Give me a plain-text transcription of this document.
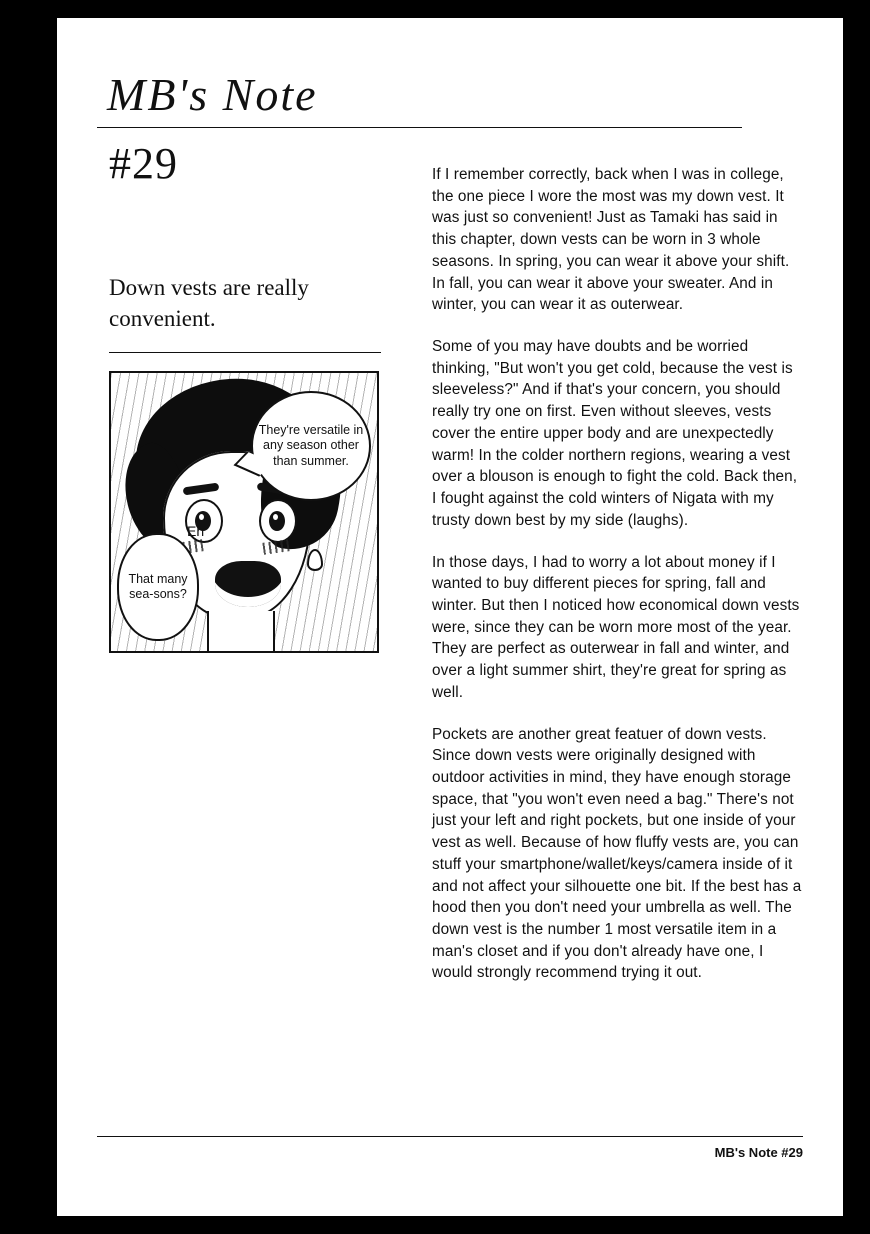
MB's Note
#29
Down vests are really convenient.
They're versatile in any season other than summer.
Eh
That many sea-sons?

If I remember correctly, back when I was in college, the one piece I wore the most was my down vest. It was just so convenient! Just as Tamaki has said in this chapter, down vests can be worn in 3 whole seasons. In spring, you can wear it above your shift. In fall, you can wear it above your sweater. And in winter, you can wear it as outerwear.

Some of you may have doubts and be worried thinking, "But won't you get cold, because the vest is sleeveless?" And if that's your concern, you should really try one on first. Even without sleeves, vests cover the entire upper body and are unexpectedly warm! In the colder northern regions, wearing a vest over a blouson is enough to fight the cold. Back then, I fought against the cold winters of Nigata with my trusty down best by my side (laughs).

In those days, I had to worry a lot about money if I wanted to buy different pieces for spring, fall and winter. But then I noticed how economical down vests were, since they can be worn more most of the year. They are perfect as outerwear in fall and winter, and over a light summer shirt, they're great for spring as well.

Pockets are another great featuer of down vests. Since down vests were originally designed with outdoor activities in mind, they have enough storage space, that "you won't even need a bag." There's not just your left and right pockets, but one inside of your vest as well. Because of how fluffy vests are, you can stuff your smartphone/wallet/keys/camera inside of it and not affect your silhouette one bit. If the best has a hood then you don't need your umbrella as well. The down vest is the number 1 most versatile item in a man's closet and if you don't already have one, I would strongly recommend trying it out.

MB's Note #29
